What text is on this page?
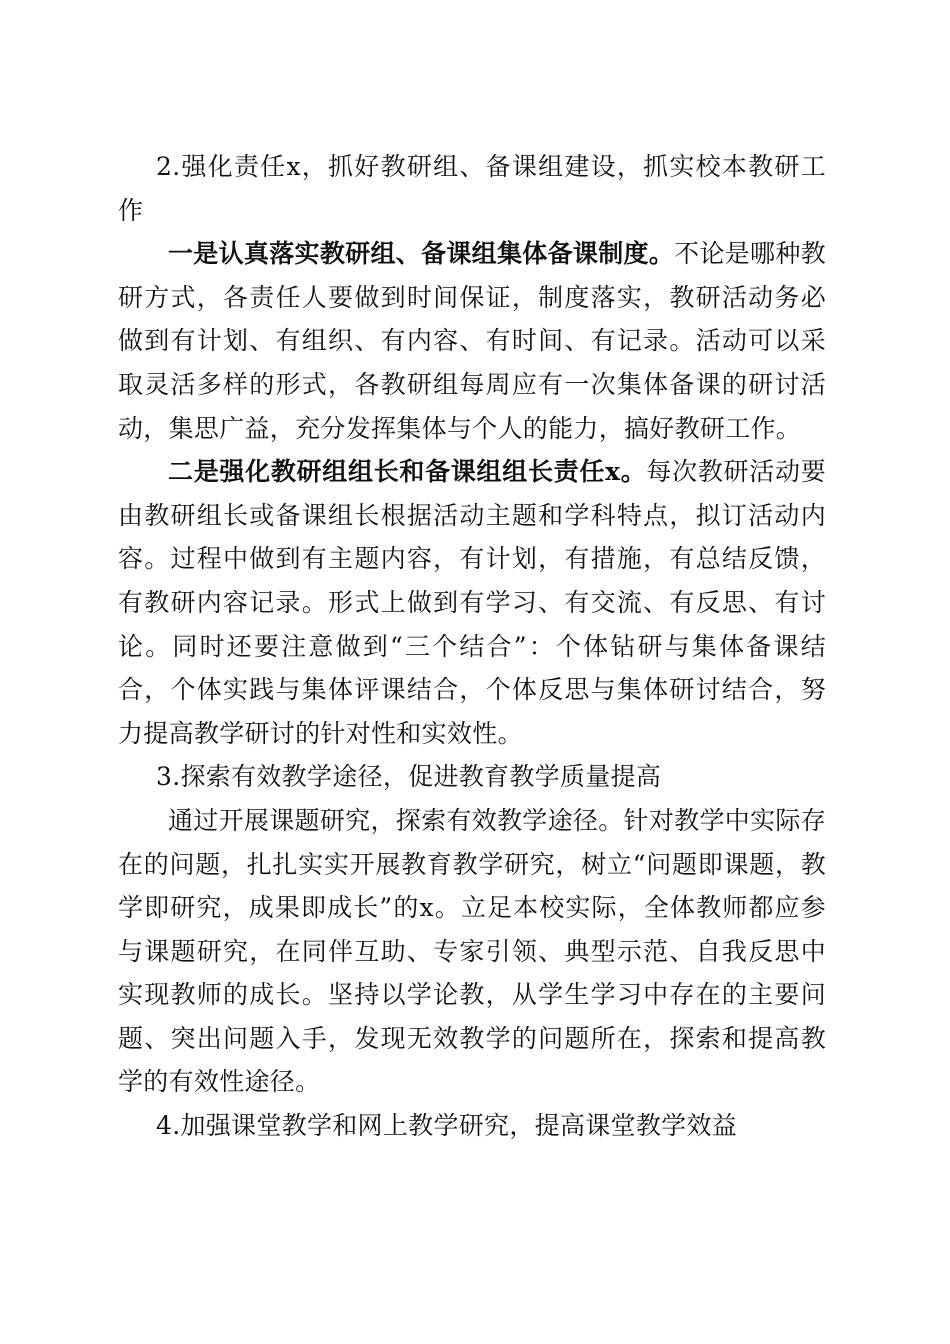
2.强化责任x，抓好教研组、备课组建设，抓实校本教研工作

一是认真落实教研组、备课组集体备课制度。不论是哪种教研方式，各责任人要做到时间保证，制度落实，教研活动务必做到有计划、有组织、有内容、有时间、有记录。活动可以采取灵活多样的形式，各教研组每周应有一次集体备课的研讨活动，集思广益，充分发挥集体与个人的能力，搞好教研工作。

二是强化教研组组长和备课组组长责任x。每次教研活动要由教研组长或备课组长根据活动主题和学科特点，拟订活动内容。过程中做到有主题内容，有计划，有措施，有总结反馈，有教研内容记录。形式上做到有学习、有交流、有反思、有讨论。同时还要注意做到“三个结合”：个体钻研与集体备课结合，个体实践与集体评课结合，个体反思与集体研讨结合，努力提高教学研讨的针对性和实效性。

3.探索有效教学途径，促进教育教学质量提高

通过开展课题研究，探索有效教学途径。针对教学中实际存在的问题，扎扎实实开展教育教学研究，树立“问题即课题，教学即研究，成果即成长”的x。立足本校实际，全体教师都应参与课题研究，在同伴互助、专家引领、典型示范、自我反思中实现教师的成长。坚持以学论教，从学生学习中存在的主要问题、突出问题入手，发现无效教学的问题所在，探索和提高教学的有效性途径。

4.加强课堂教学和网上教学研究，提高课堂教学效益
